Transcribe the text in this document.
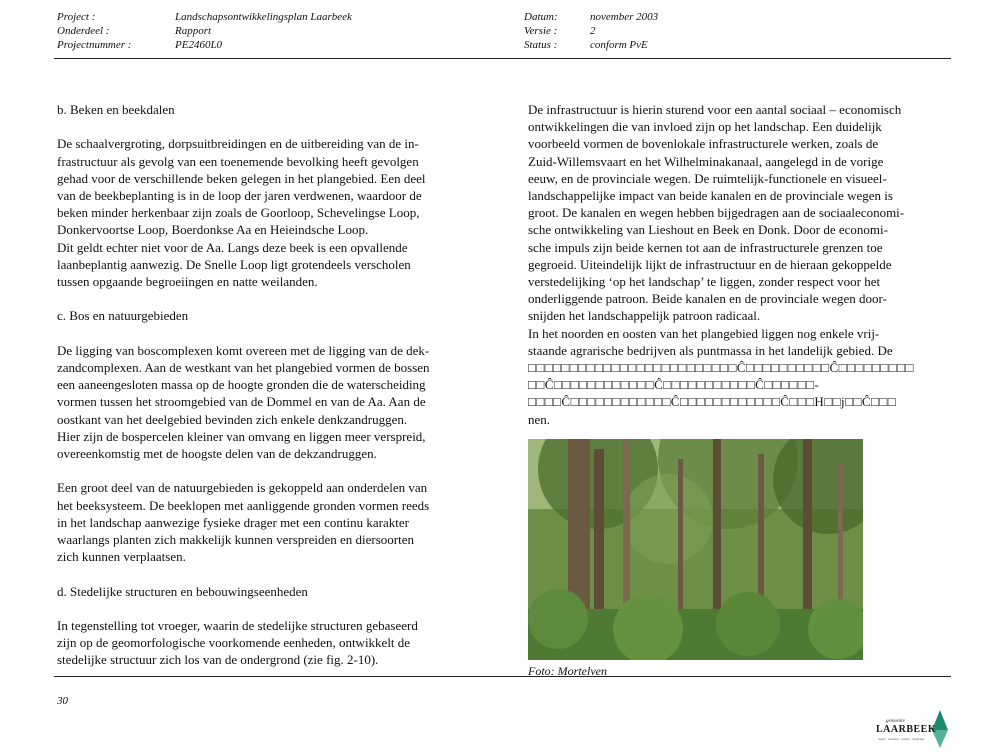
Project :
Onderdeel :
Projectnummer :
Landschapsontwikkelingsplan Laarbeek
Rapport
PE2460L0
Datum:
Versie :
Status :
november 2003
2
conform PvE

b. Beken en beekdalen

De schaalvergroting, dorpsuitbreidingen en de uitbereiding van de in-

frastructuur als gevolg van een toenemende bevolking heeft gevolgen

gehad voor de verschillende beken gelegen in het plangebied. Een deel

van de beekbeplanting is in de loop der jaren verdwenen, waardoor de

beken minder herkenbaar zijn zoals de Goorloop, Schevelingse Loop,

Donkervoortse Loop, Boerdonkse Aa en Heieindsche Loop.

Dit geldt echter niet voor de Aa. Langs deze beek is een opvallende

laanbeplantig aanwezig. De Snelle Loop ligt grotendeels verscholen

tussen opgaande begroeiingen en natte weilanden.

c. Bos en natuurgebieden

De ligging van boscomplexen komt overeen met de ligging van de dek-

zandcomplexen. Aan de westkant van het plangebied vormen de bossen

een aaneengesloten massa op de hoogte gronden die de waterscheiding

vormen tussen het stroomgebied van de Dommel en van de Aa. Aan de

oostkant van het deelgebied bevinden zich enkele denkzandruggen.

Hier zijn de bospercelen kleiner van omvang en liggen meer verspreid,

overeenkomstig met de hoogste delen van de dekzandruggen.

Een groot deel van de natuurgebieden is gekoppeld aan onderdelen van

het beeksysteem. De beeklopen met aanliggende gronden vormen reeds

in het landschap aanwezige fysieke drager met een continu karakter

waarlangs planten zich makkelijk kunnen verspreiden en diersoorten

zich kunnen verplaatsen.

d. Stedelijke structuren en bebouwingseenheden

In tegenstelling tot vroeger, waarin de stedelijke structuren gebaseerd

zijn op de geomorfologische voorkomende eenheden, ontwikkelt de

stedelijke structuur zich los van de ondergrond (zie fig. 2-10).

De infrastructuur is hierin sturend voor een aantal sociaal – economisch

ontwikkelingen die van invloed zijn op het landschap. Een duidelijk

voorbeeld vormen de bovenlokale infrastructurele werken, zoals de

Zuid-Willemsvaart en het Wilhelminakanaal, aangelegd in de vorige

eeuw, en de provinciale wegen. De ruimtelijk-functionele en visueel-

landschappelijke impact van beide kanalen en de provinciale wegen is

groot. De kanalen en wegen hebben bijgedragen aan de sociaaleconomi-

sche ontwikkeling van Lieshout en Beek en Donk. Door de economi-

sche impuls zijn beide kernen tot aan de infrastructurele grenzen toe

gegroeid. Uiteindelijk lijkt de infrastructuur en de hieraan gekoppelde

verstedelijking ‘op het landschap’ te liggen, zonder respect voor het

onderliggende patroon. Beide kanalen en de provinciale wegen door-

snijden het landschappelijk patroon radicaal.

In het noorden en oosten van het plangebied liggen nog enkele vrij-

staande agrarische bedrijven als puntmassa in het landelijk gebied. De

□□□□□□□□□□□□□□□□□□□□□□□□□Ĉ□□□□□□□□□□Ĉ□□□□□□□□□

□□Ĉ□□□□□□□□□□□□Ĉ□□□□□□□□□□□Ĉ□□□□□□-

□□□□Ĉ□□□□□□□□□□□□Ĉ□□□□□□□□□□□□Ĉ□□□H□□j□□Ĉ□□□

nen.

Foto: Mortelven
30
gemeente
LAARBEEK
natuur · kwaliteit · cultuur · landschap
